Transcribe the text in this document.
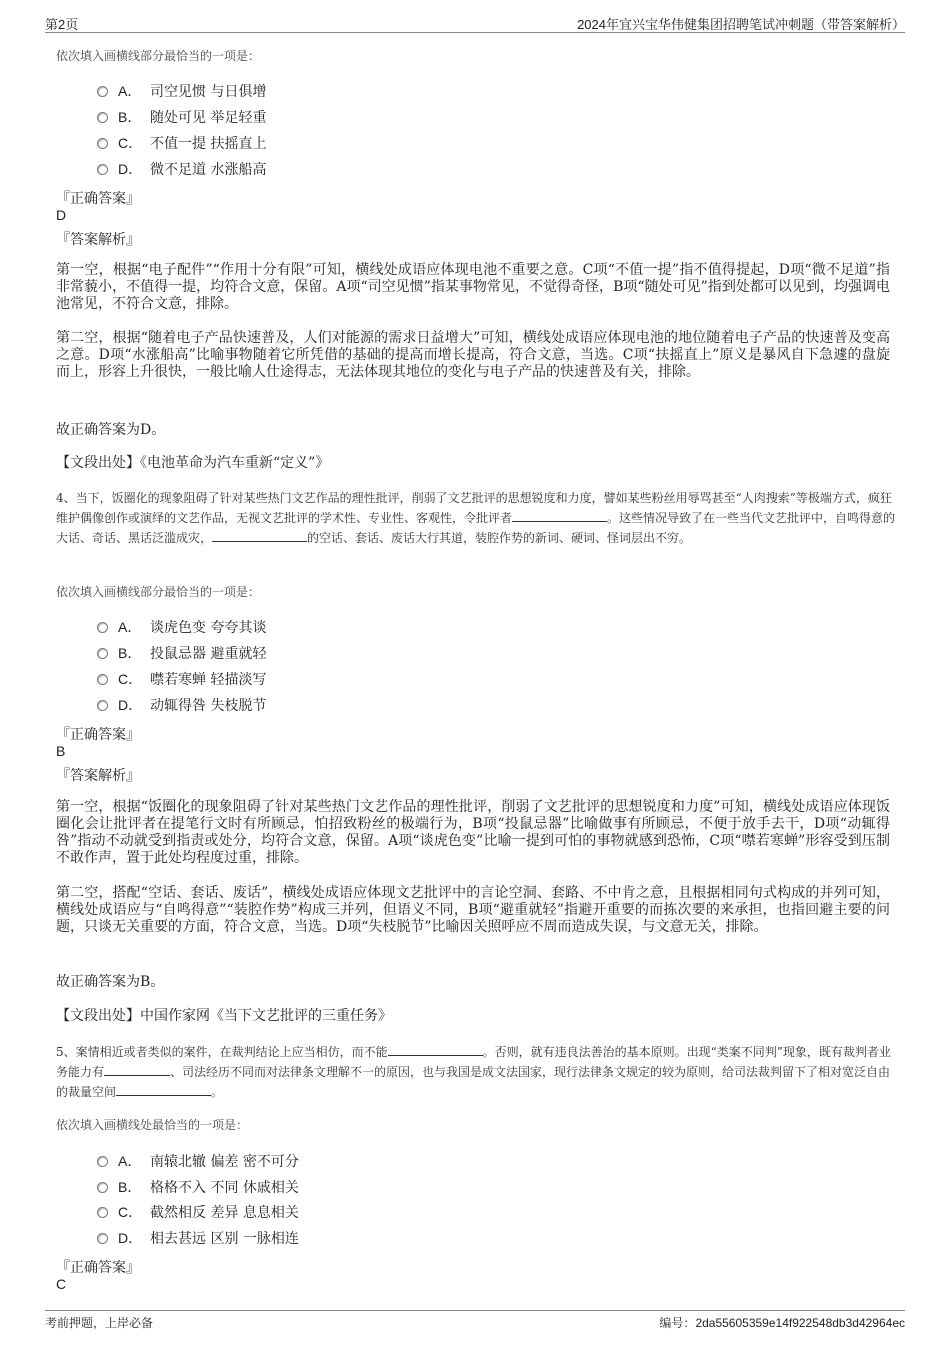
第2页	2024年宜兴宝华伟健集团招聘笔试冲刺题（带答案解析）
依次填入画横线部分最恰当的一项是：
A． 司空见惯 与日俱增
B． 随处可见 举足轻重
C． 不值一提 扶摇直上
D． 微不足道 水涨船高
『正确答案』
D
『答案解析』
第一空，根据“电子配件”“作用十分有限”可知，横线处成语应体现电池不重要之意。C项“不值一提”指不值得提起，D项“微不足道”指非常藐小，不值得一提，均符合文意，保留。A项“司空见惯”指某事物常见，不觉得奇怪，B项“随处可见”指到处都可以见到，均强调电池常见，不符合文意，排除。
第二空，根据“随着电子产品快速普及，人们对能源的需求日益增大”可知，横线处成语应体现电池的地位随着电子产品的快速普及变高之意。D项“水涨船高”比喻事物随着它所凭借的基础的提高而增长提高，符合文意，当选。C项“扶摇直上”原义是暴风自下急遽的盘旋而上，形容上升很快，一般比喻人仕途得志，无法体现其地位的变化与电子产品的快速普及有关，排除。
故正确答案为D。
【文段出处】《电池革命为汽车重新“定义”》
4、当下，饭圈化的现象阻碍了针对某些热门文艺作品的理性批评，削弱了文艺批评的思想锐度和力度，譬如某些粉丝用辱骂甚至“人肉搜索”等极端方式，疯狂维护偶像创作或演绎的文艺作品，无视文艺批评的学术性、专业性、客观性，令批评者	。这些情况导致了在一些当代文艺批评中，自鸣得意的大话、奇话、黑话泛滥成灾，	的空话、套话、废话大行其道，装腔作势的新词、硬词、怪词层出不穷。
依次填入画横线部分最恰当的一项是：
A． 谈虎色变 夸夸其谈
B． 投鼠忌器 避重就轻
C． 噤若寒蝉 轻描淡写
D． 动辄得咎 失枝脱节
『正确答案』
B
『答案解析』
第一空，根据“饭圈化的现象阻碍了针对某些热门文艺作品的理性批评，削弱了文艺批评的思想锐度和力度”可知，横线处成语应体现饭圈化会让批评者在提笔行文时有所顾忌，怕招致粉丝的极端行为，B项“投鼠忌器”比喻做事有所顾忌，不便于放手去干，D项“动辄得咎”指动不动就受到指责或处分，均符合文意，保留。A项“谈虎色变”比喻一提到可怕的事物就感到恐怖，C项“噤若寒蝉”形容受到压制不敢作声，置于此处均程度过重，排除。
第二空，搭配“空话、套话、废话”，横线处成语应体现文艺批评中的言论空洞、套路、不中肯之意，且根据相同句式构成的并列可知，横线处成语应与“自鸣得意”“装腔作势”构成三并列，但语义不同，B项“避重就轻”指避开重要的而拣次要的来承担，也指回避主要的问题，只谈无关重要的方面，符合文意，当选。D项“失枝脱节”比喻因关照呼应不周而造成失误，与文意无关，排除。
故正确答案为B。
【文段出处】中国作家网《当下文艺批评的三重任务》
5、案情相近或者类似的案件，在裁判结论上应当相仿，而不能	。否则，就有违良法善治的基本原则。出现“类案不同判”现象，既有裁判者业务能力有	、司法经历不同而对法律条文理解不一的原因，也与我国是成文法国家，现行法律条文规定的较为原则，给司法裁判留下了相对宽泛自由的裁量空间	。
依次填入画横线处最恰当的一项是：
A． 南辕北辙 偏差 密不可分
B． 格格不入 不同 休戚相关
C． 截然相反 差异 息息相关
D． 相去甚远 区别 一脉相连
『正确答案』
C
考前押题，上岸必备	编号：2da55605359e14f922548db3d42964ec
